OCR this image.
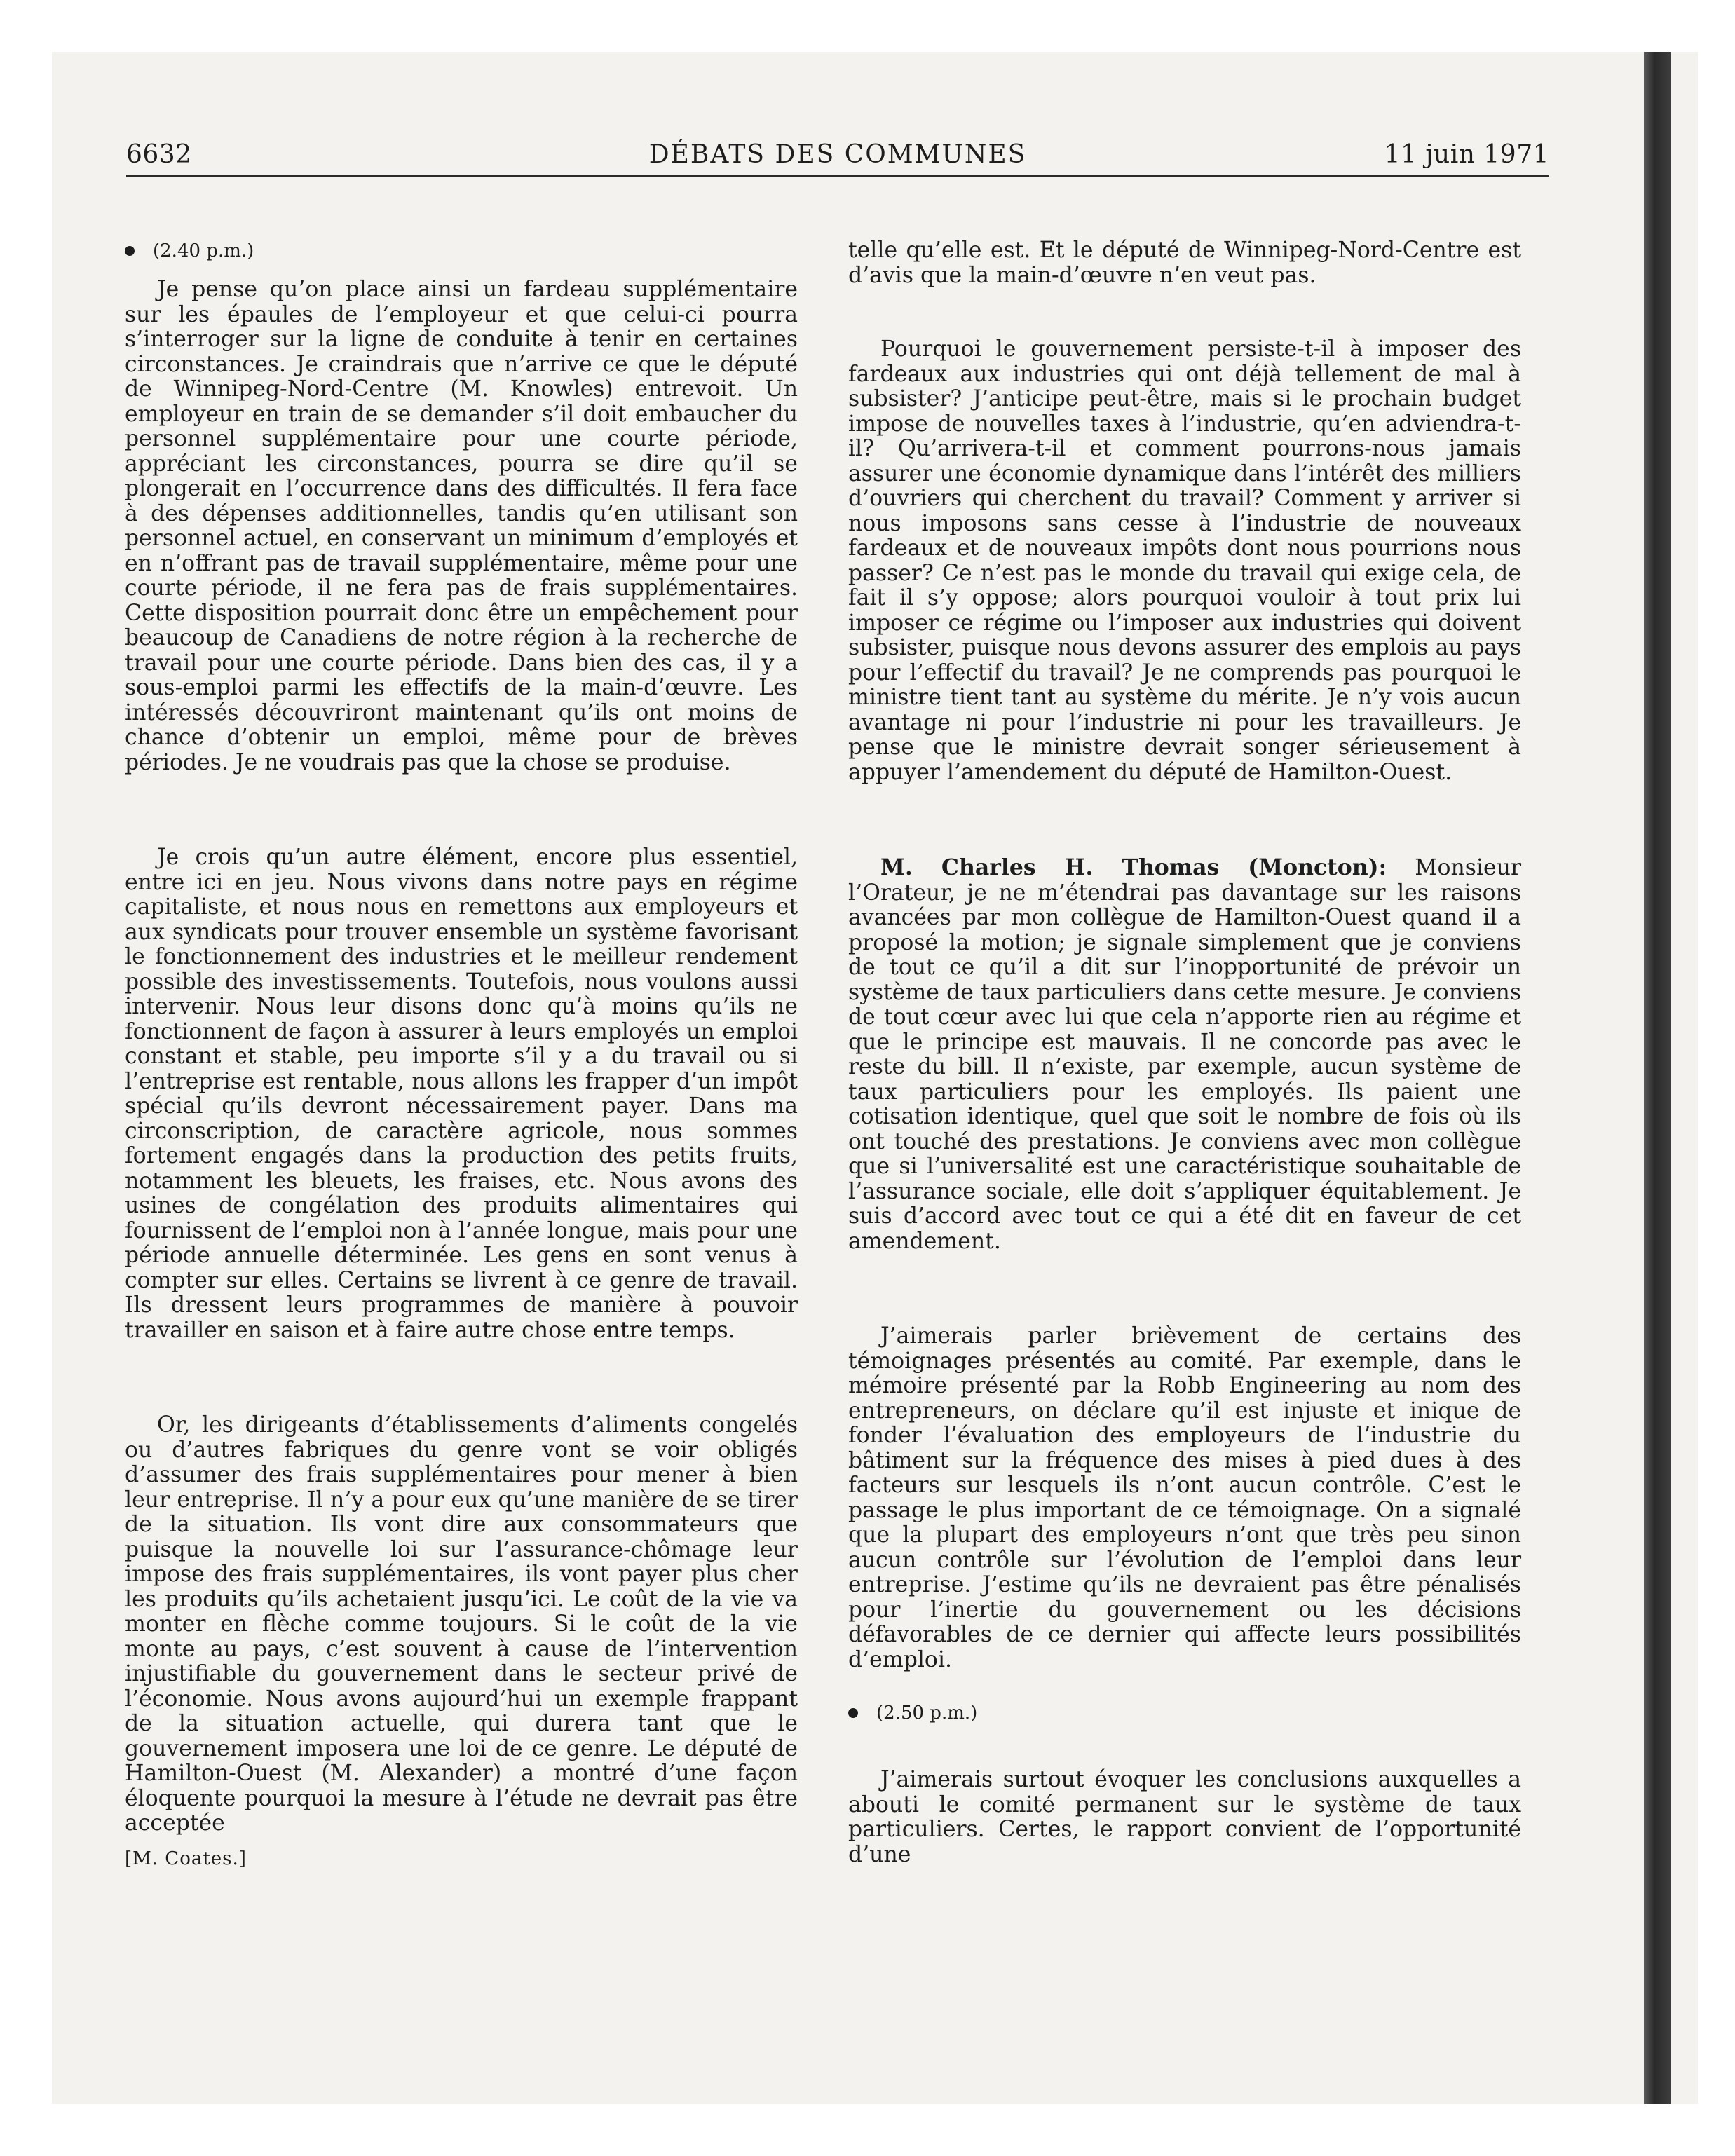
6632	DÉBATS DES COMMUNES	11 juin 1971
(2.40 p.m.)

Je pense qu’on place ainsi un fardeau supplémentaire sur les épaules de l’employeur et que celui-ci pourra s’interroger sur la ligne de conduite à tenir en certaines circonstances. Je craindrais que n’arrive ce que le député de Winnipeg-Nord-Centre (M. Knowles) entrevoit. Un employeur en train de se demander s’il doit embaucher du personnel supplémentaire pour une courte période, appréciant les circonstances, pourra se dire qu’il se plongerait en l’occurrence dans des difficultés. Il fera face à des dépenses additionnelles, tandis qu’en utilisant son personnel actuel, en conservant un minimum d’employés et en n’offrant pas de travail supplémentaire, même pour une courte période, il ne fera pas de frais supplémentaires. Cette disposition pourrait donc être un empêchement pour beaucoup de Canadiens de notre région à la recherche de travail pour une courte période. Dans bien des cas, il y a sous-emploi parmi les effectifs de la main-d’œuvre. Les intéressés découvriront maintenant qu’ils ont moins de chance d’obtenir un emploi, même pour de brèves périodes. Je ne voudrais pas que la chose se produise.

Je crois qu’un autre élément, encore plus essentiel, entre ici en jeu. Nous vivons dans notre pays en régime capitaliste, et nous nous en remettons aux employeurs et aux syndicats pour trouver ensemble un système favorisant le fonctionnement des industries et le meilleur rendement possible des investissements. Toutefois, nous voulons aussi intervenir. Nous leur disons donc qu’à moins qu’ils ne fonctionnent de façon à assurer à leurs employés un emploi constant et stable, peu importe s’il y a du travail ou si l’entreprise est rentable, nous allons les frapper d’un impôt spécial qu’ils devront nécessairement payer. Dans ma circonscription, de caractère agricole, nous sommes fortement engagés dans la production des petits fruits, notamment les bleuets, les fraises, etc. Nous avons des usines de congélation des produits alimentaires qui fournissent de l’emploi non à l’année longue, mais pour une période annuelle déterminée. Les gens en sont venus à compter sur elles. Certains se livrent à ce genre de travail. Ils dressent leurs programmes de manière à pouvoir travailler en saison et à faire autre chose entre temps.

Or, les dirigeants d’établissements d’aliments congelés ou d’autres fabriques du genre vont se voir obligés d’assumer des frais supplémentaires pour mener à bien leur entreprise. Il n’y a pour eux qu’une manière de se tirer de la situation. Ils vont dire aux consommateurs que puisque la nouvelle loi sur l’assurance-chômage leur impose des frais supplémentaires, ils vont payer plus cher les produits qu’ils achetaient jusqu’ici. Le coût de la vie va monter en flèche comme toujours. Si le coût de la vie monte au pays, c’est souvent à cause de l’intervention injustifiable du gouvernement dans le secteur privé de l’économie. Nous avons aujourd’hui un exemple frappant de la situation actuelle, qui durera tant que le gouvernement imposera une loi de ce genre. Le député de Hamilton-Ouest (M. Alexander) a montré d’une façon éloquente pourquoi la mesure à l’étude ne devrait pas être acceptée

[M. Coates.]

telle qu’elle est. Et le député de Winnipeg-Nord-Centre est d’avis que la main-d’œuvre n’en veut pas.

Pourquoi le gouvernement persiste-t-il à imposer des fardeaux aux industries qui ont déjà tellement de mal à subsister? J’anticipe peut-être, mais si le prochain budget impose de nouvelles taxes à l’industrie, qu’en adviendra-t-il? Qu’arrivera-t-il et comment pourrons-nous jamais assurer une économie dynamique dans l’intérêt des milliers d’ouvriers qui cherchent du travail? Comment y arriver si nous imposons sans cesse à l’industrie de nouveaux fardeaux et de nouveaux impôts dont nous pourrions nous passer? Ce n’est pas le monde du travail qui exige cela, de fait il s’y oppose; alors pourquoi vouloir à tout prix lui imposer ce régime ou l’imposer aux industries qui doivent subsister, puisque nous devons assurer des emplois au pays pour l’effectif du travail? Je ne comprends pas pourquoi le ministre tient tant au système du mérite. Je n’y vois aucun avantage ni pour l’industrie ni pour les travailleurs. Je pense que le ministre devrait songer sérieusement à appuyer l’amendement du député de Hamilton-Ouest.

M. Charles H. Thomas (Moncton): Monsieur l’Orateur, je ne m’étendrai pas davantage sur les raisons avancées par mon collègue de Hamilton-Ouest quand il a proposé la motion; je signale simplement que je conviens de tout ce qu’il a dit sur l’inopportunité de prévoir un système de taux particuliers dans cette mesure. Je conviens de tout cœur avec lui que cela n’apporte rien au régime et que le principe est mauvais. Il ne concorde pas avec le reste du bill. Il n’existe, par exemple, aucun système de taux particuliers pour les employés. Ils paient une cotisation identique, quel que soit le nombre de fois où ils ont touché des prestations. Je conviens avec mon collègue que si l’universalité est une caractéristique souhaitable de l’assurance sociale, elle doit s’appliquer équitablement. Je suis d’accord avec tout ce qui a été dit en faveur de cet amendement.

J’aimerais parler brièvement de certains des témoignages présentés au comité. Par exemple, dans le mémoire présenté par la Robb Engineering au nom des entrepreneurs, on déclare qu’il est injuste et inique de fonder l’évaluation des employeurs de l’industrie du bâtiment sur la fréquence des mises à pied dues à des facteurs sur lesquels ils n’ont aucun contrôle. C’est le passage le plus important de ce témoignage. On a signalé que la plupart des employeurs n’ont que très peu sinon aucun contrôle sur l’évolution de l’emploi dans leur entreprise. J’estime qu’ils ne devraient pas être pénalisés pour l’inertie du gouvernement ou les décisions défavorables de ce dernier qui affecte leurs possibilités d’emploi.

(2.50 p.m.)

J’aimerais surtout évoquer les conclusions auxquelles a abouti le comité permanent sur le système de taux particuliers. Certes, le rapport convient de l’opportunité d’une
